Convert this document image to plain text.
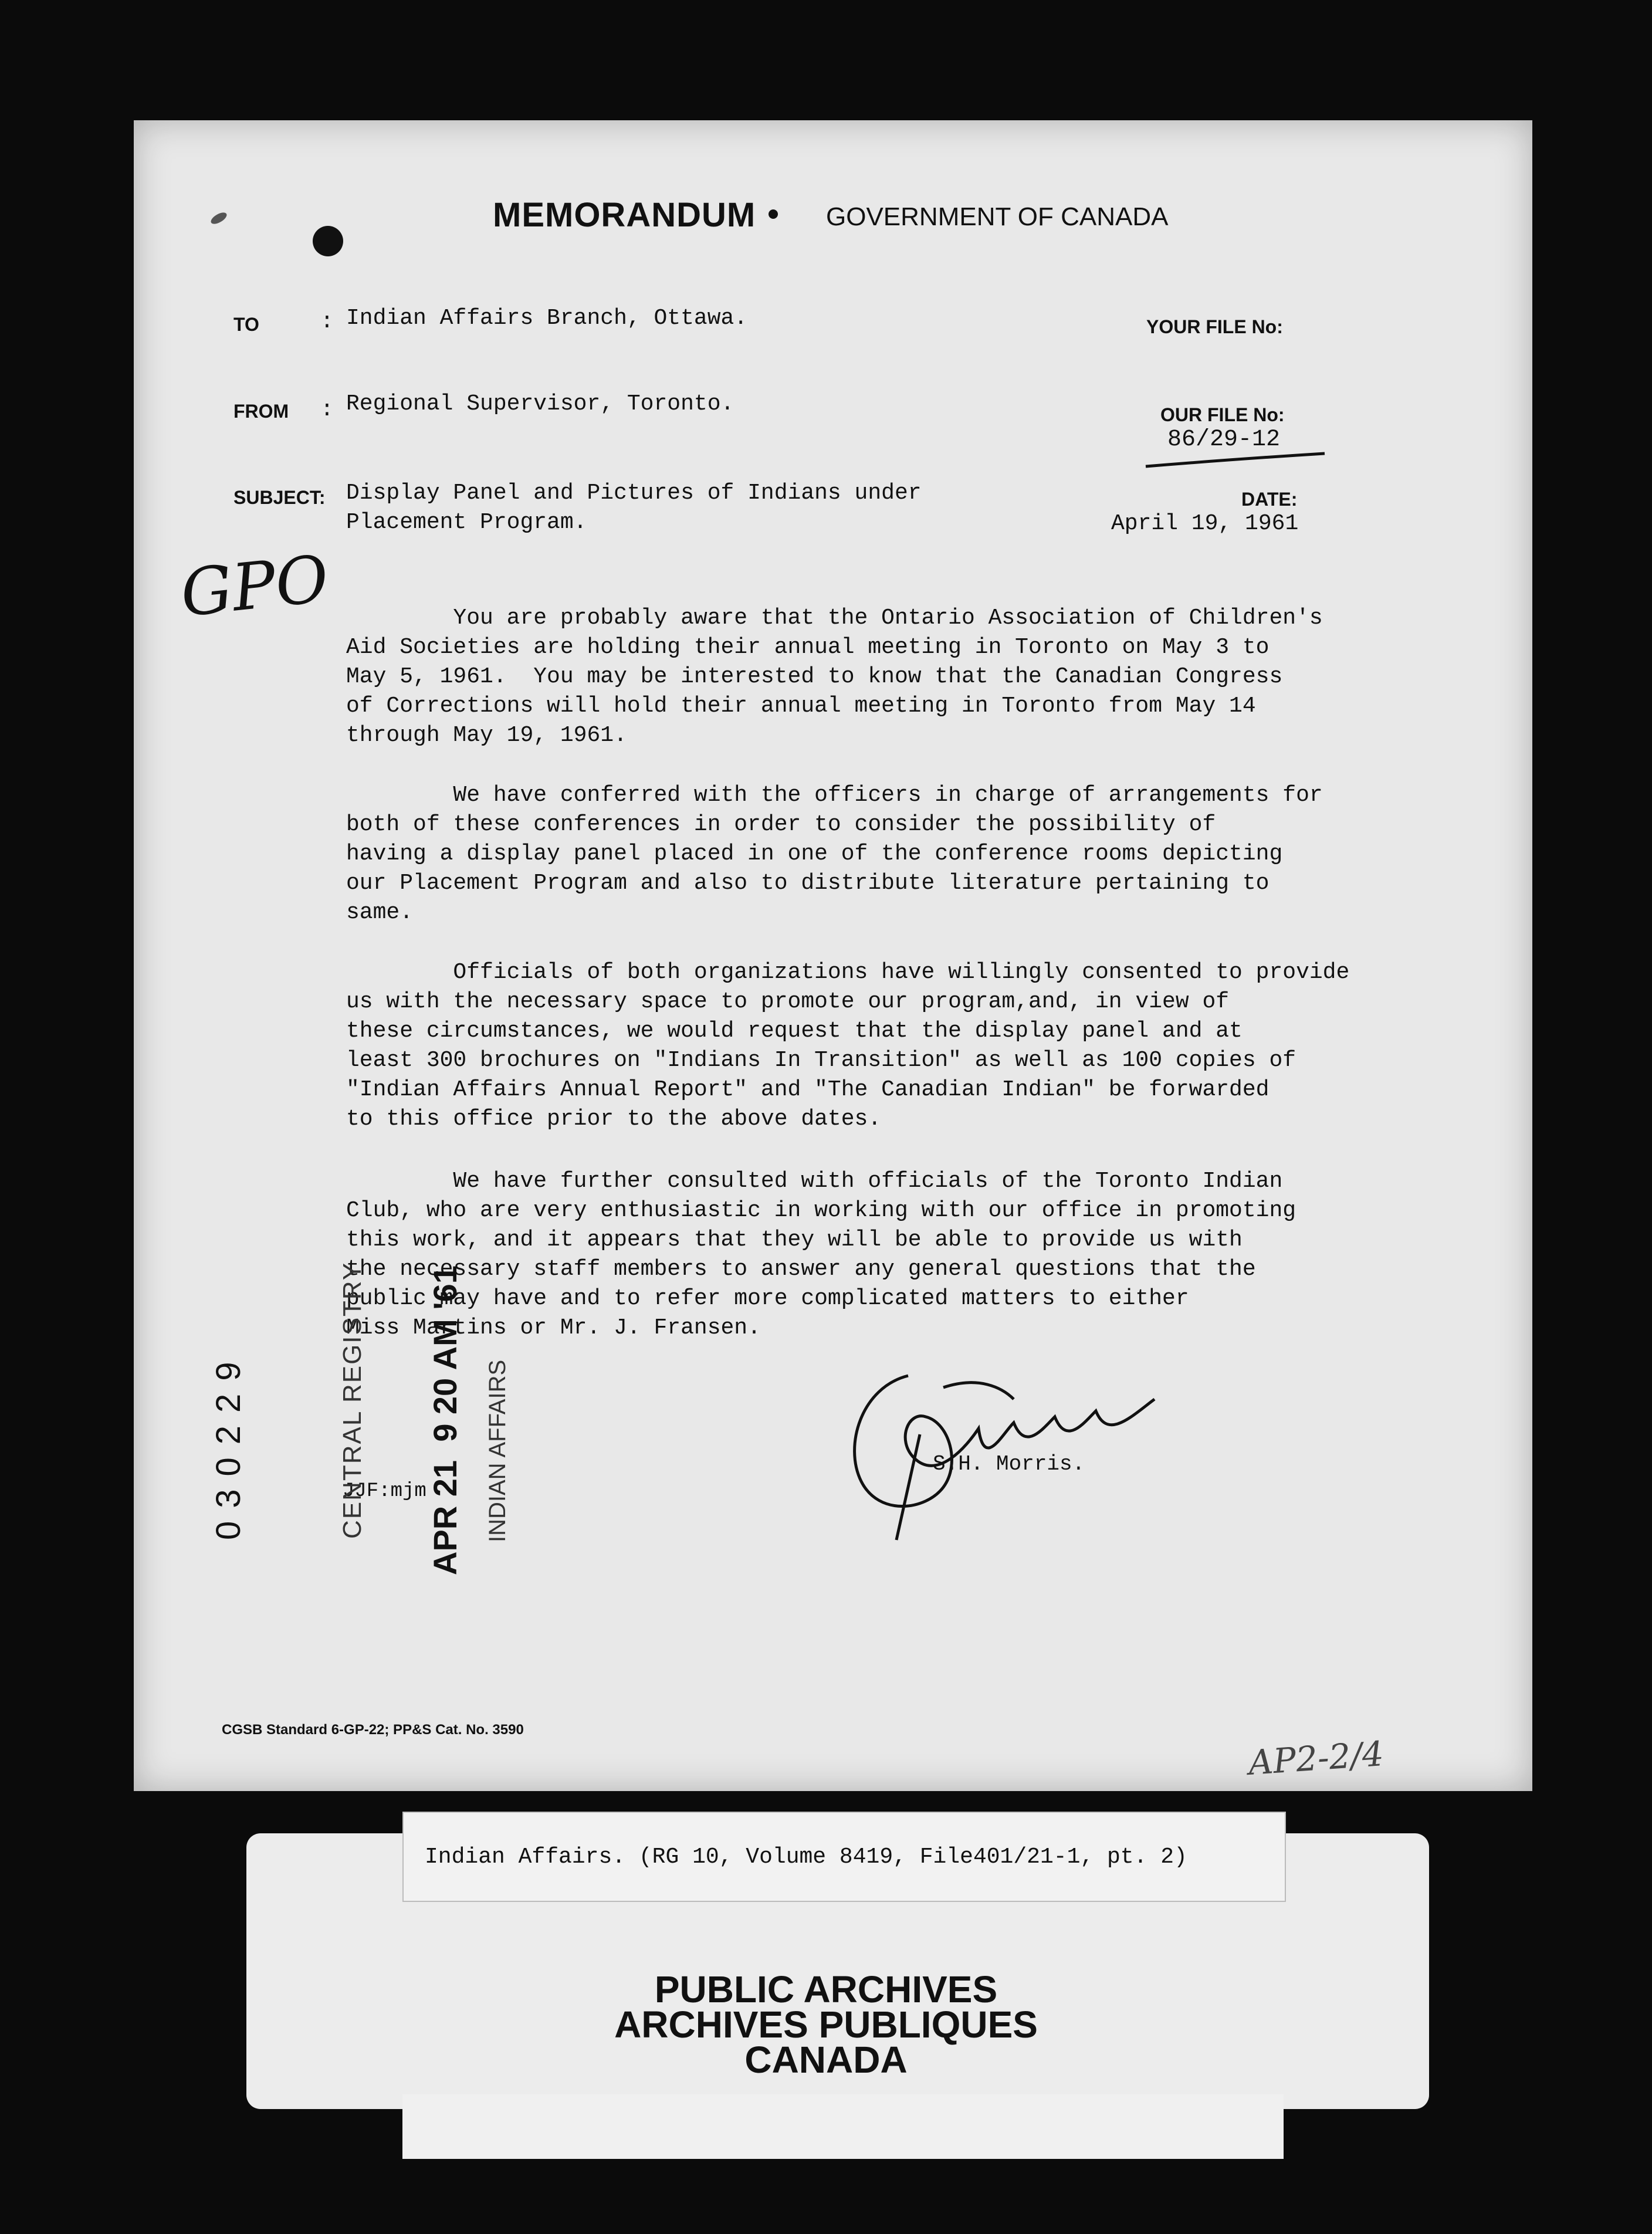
MEMORANDUM	GOVERNMENT OF CANADA
TO	: Indian Affairs Branch, Ottawa.
FROM : Regional Supervisor, Toronto.
SUBJECT: Display Panel and Pictures of Indians under
Placement Program.
YOUR FILE No:
OUR FILE No:
86/29-12
DATE:
April 19, 1961
GPO	You are probably aware that the Ontario Association of Children's
Aid Societies are holding their annual meeting in Toronto on May 3 to
May 5, 1961.  You may be interested to know that the Canadian Congress
of Corrections will hold their annual meeting in Toronto from May 14
through May 19, 1961.
We have conferred with the officers in charge of arrangements for
both of these conferences in order to consider the possibility of
having a display panel placed in one of the conference rooms depicting
our Placement Program and also to distribute literature pertaining to
same.
Officials of both organizations have willingly consented to provide
us with the necessary space to promote our program,and, in view of
these circumstances, we would request that the display panel and at
least 300 brochures on "Indians In Transition" as well as 100 copies of
"Indian Affairs Annual Report" and "The Canadian Indian" be forwarded
to this office prior to the above dates.
We have further consulted with officials of the Toronto Indian
Club, who are very enthusiastic in working with our office in promoting
this work, and it appears that they will be able to provide us with
the necessary staff members to answer any general questions that the
public may have and to refer more complicated matters to either
Miss Martins or Mr. J. Fransen.
S.H. Morris.
JJF:mjm
030229	CENTRAL REGISTRY APR 21  9 20 AM '61 INDIAN AFFAIRS
CGSB Standard 6-GP-22; PP&S Cat. No. 3590
AP2-2/4
Indian Affairs. (RG 10, Volume 8419, File401/21-1, pt. 2)
PUBLIC ARCHIVES
ARCHIVES PUBLIQUES
CANADA
